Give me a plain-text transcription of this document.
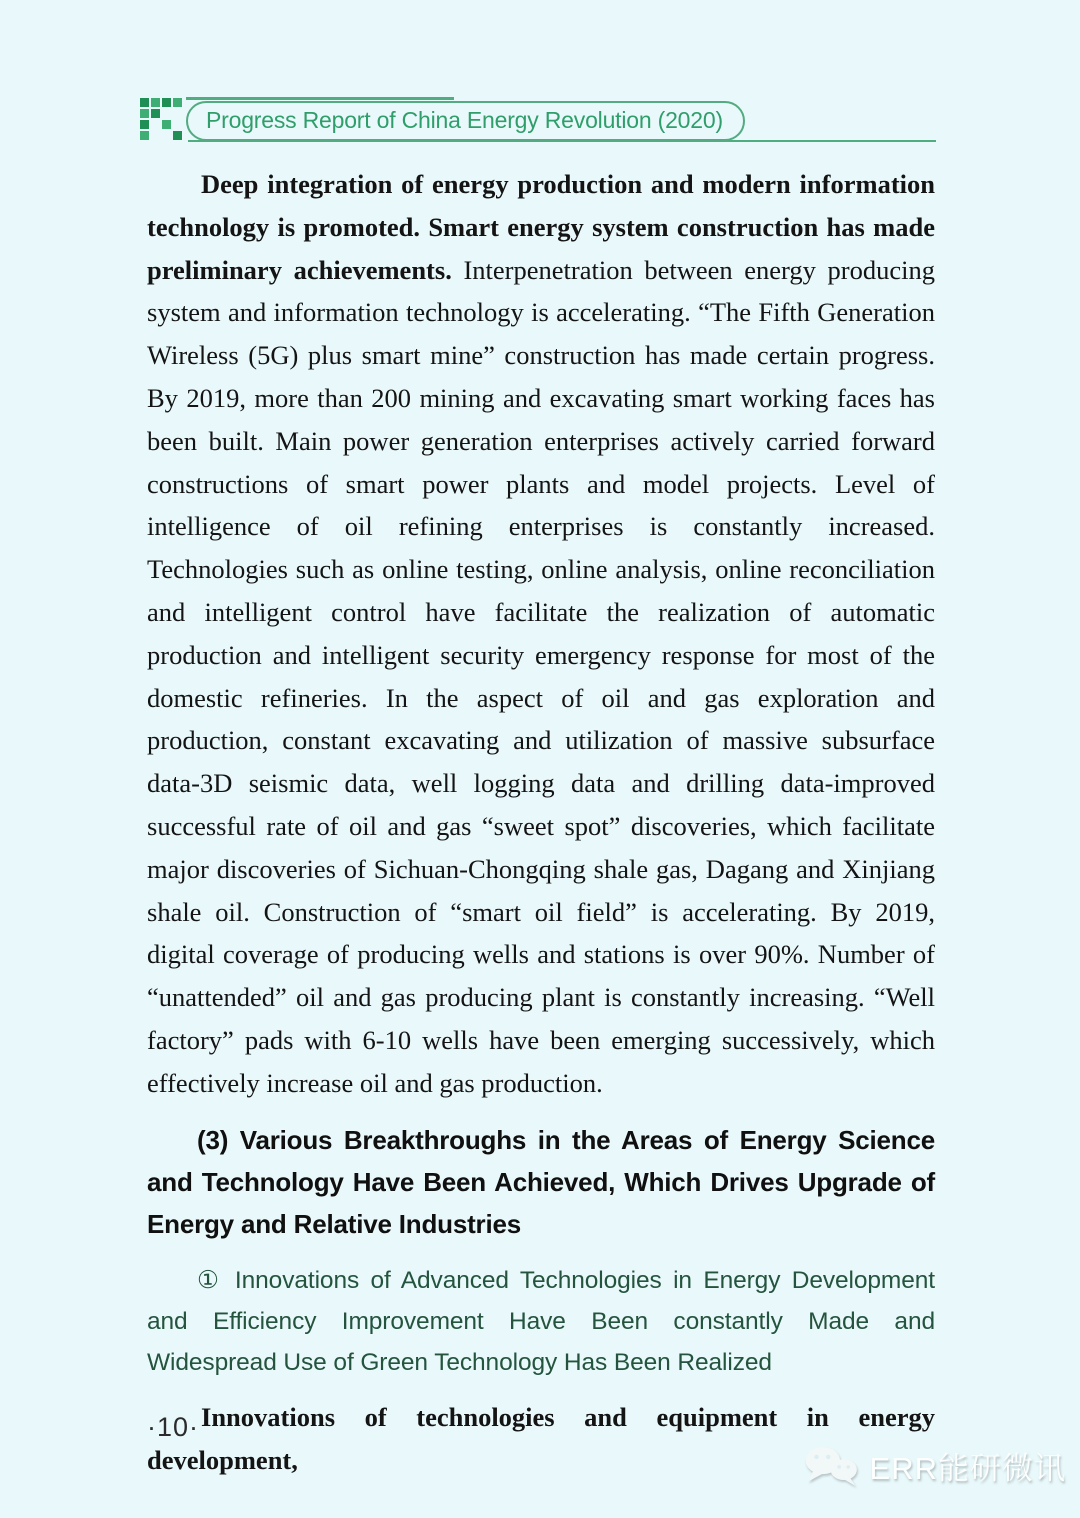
Progress Report of China Energy Revolution (2020)

Deep integration of energy production and modern information technology is promoted. Smart energy system construction has made preliminary achievements. Interpenetration between energy producing system and information technology is accelerating. “The Fifth Generation Wireless (5G) plus smart mine” construction has made certain progress. By 2019, more than 200 mining and excavating smart working faces has been built. Main power generation enterprises actively carried forward constructions of smart power plants and model projects. Level of intelligence of oil refining enterprises is constantly increased. Technologies such as online testing, online analysis, online reconciliation and intelligent control have facilitate the realization of automatic production and intelligent security emergency response for most of the domestic refineries. In the aspect of oil and gas exploration and production, constant excavating and utilization of massive subsurface data-3D seismic data, well logging data and drilling data-improved successful rate of oil and gas “sweet spot” discoveries, which facilitate major discoveries of Sichuan-Chongqing shale gas, Dagang and Xinjiang shale oil. Construction of “smart oil field” is accelerating. By 2019, digital coverage of producing wells and stations is over 90%. Number of “unattended” oil and gas producing plant is constantly increasing. “Well factory” pads with 6-10 wells have been emerging successively, which effectively increase oil and gas production.

(3) Various Breakthroughs in the Areas of Energy Science and Technology Have Been Achieved, Which Drives Upgrade of Energy and Relative Industries

① Innovations of Advanced Technologies in Energy Development and Efficiency Improvement Have Been constantly Made and Widespread Use of Green Technology Has Been Realized

Innovations of technologies and equipment in energy development,

·10·
ERR能研微讯
